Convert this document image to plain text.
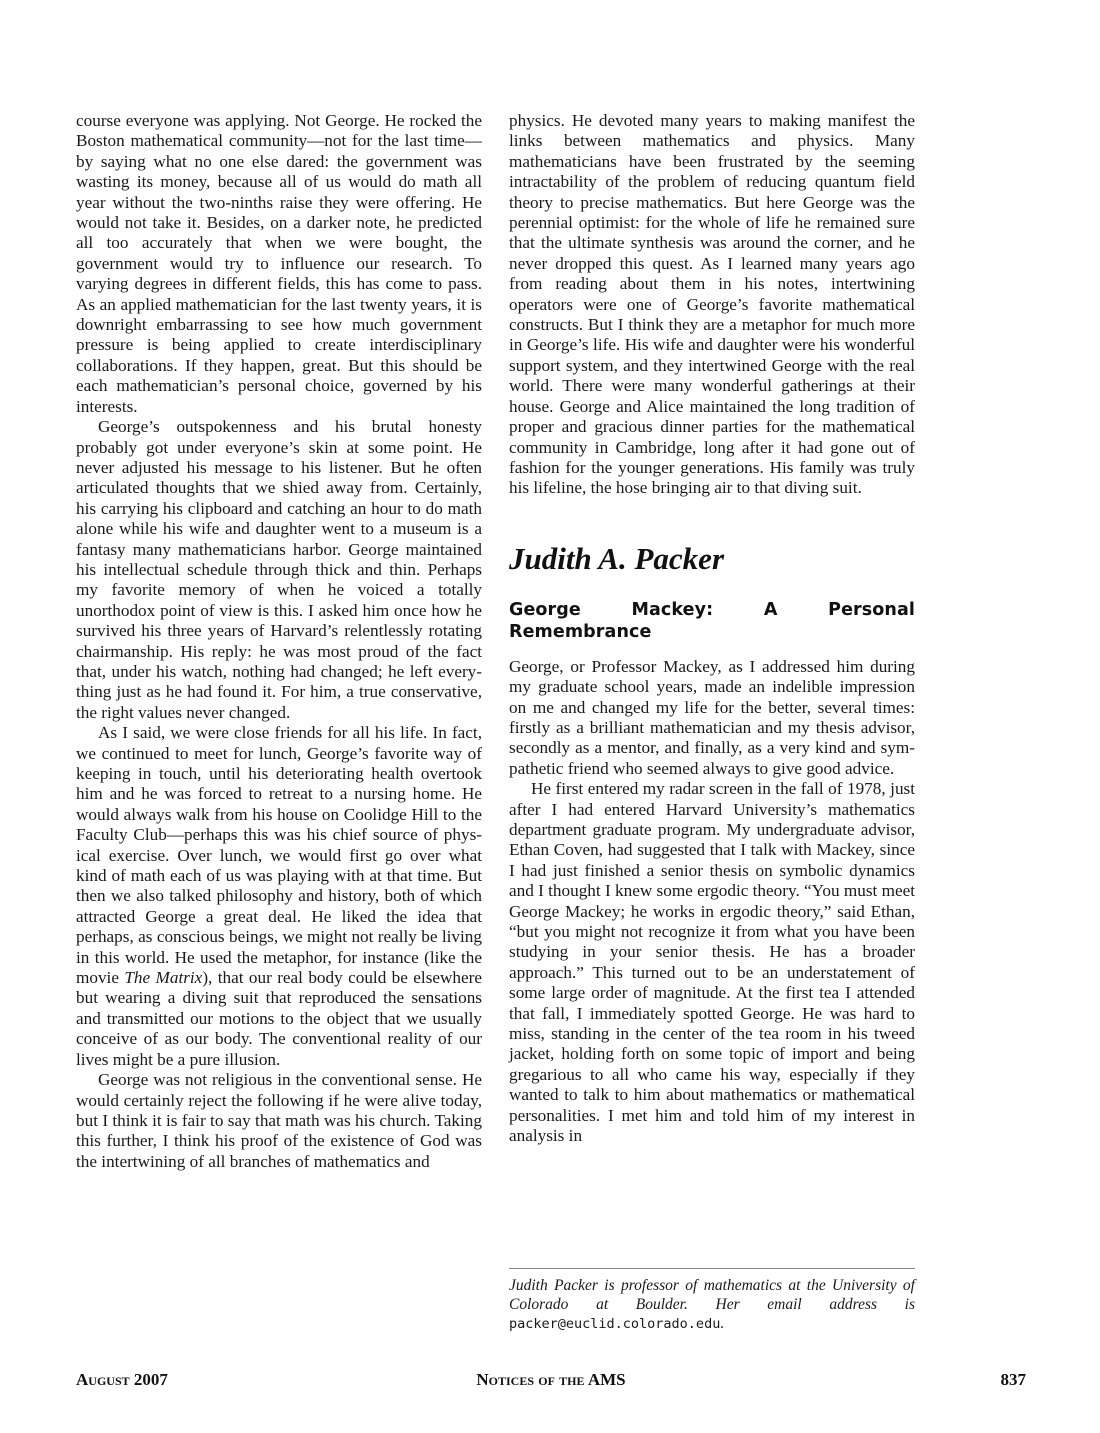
course everyone was applying. Not George. He rocked the Boston mathematical community—not for the last time—by saying what no one else dared: the government was wasting its money, because all of us would do math all year without the two-ninths raise they were offering. He would not take it. Besides, on a darker note, he predicted all too accurately that when we were bought, the government would try to influence our research. To varying degrees in different fields, this has come to pass. As an applied mathematician for the last twenty years, it is downright embarrassing to see how much government pressure is being applied to create interdisciplinary collaborations. If they happen, great. But this should be each mathematician’s personal choice, governed by his interests.

George’s outspokenness and his brutal honesty probably got under everyone’s skin at some point. He never adjusted his message to his listener. But he often articulated thoughts that we shied away from. Certainly, his carrying his clipboard and catching an hour to do math alone while his wife and daughter went to a museum is a fantasy many mathematicians harbor. George maintained his intellectual schedule through thick and thin. Perhaps my favorite memory of when he voiced a totally unorthodox point of view is this. I asked him once how he survived his three years of Harvard’s relentlessly rotating chairmanship. His reply: he was most proud of the fact that, under his watch, nothing had changed; he left everything just as he had found it. For him, a true conservative, the right values never changed.

As I said, we were close friends for all his life. In fact, we continued to meet for lunch, George’s favorite way of keeping in touch, until his deteriorating health overtook him and he was forced to retreat to a nursing home. He would always walk from his house on Coolidge Hill to the Faculty Club—perhaps this was his chief source of physical exercise. Over lunch, we would first go over what kind of math each of us was playing with at that time. But then we also talked philosophy and history, both of which attracted George a great deal. He liked the idea that perhaps, as conscious beings, we might not really be living in this world. He used the metaphor, for instance (like the movie The Matrix), that our real body could be elsewhere but wearing a diving suit that reproduced the sensations and transmitted our motions to the object that we usually conceive of as our body. The conventional reality of our lives might be a pure illusion.

George was not religious in the conventional sense. He would certainly reject the following if he were alive today, but I think it is fair to say that math was his church. Taking this further, I think his proof of the existence of God was the intertwining of all branches of mathematics and

physics. He devoted many years to making manifest the links between mathematics and physics. Many mathematicians have been frustrated by the seeming intractability of the problem of reducing quantum field theory to precise mathematics. But here George was the perennial optimist: for the whole of life he remained sure that the ultimate synthesis was around the corner, and he never dropped this quest. As I learned many years ago from reading about them in his notes, intertwining operators were one of George’s favorite mathematical constructs. But I think they are a metaphor for much more in George’s life. His wife and daughter were his wonderful support system, and they intertwined George with the real world. There were many wonderful gatherings at their house. George and Alice maintained the long tradition of proper and gracious dinner parties for the mathematical community in Cambridge, long after it had gone out of fashion for the younger generations. His family was truly his lifeline, the hose bringing air to that diving suit.

Judith A. Packer
George Mackey: A Personal Remembrance

George, or Professor Mackey, as I addressed him during my graduate school years, made an indelible impression on me and changed my life for the better, several times: firstly as a brilliant mathematician and my thesis advisor, secondly as a mentor, and finally, as a very kind and sympathetic friend who seemed always to give good advice.

He first entered my radar screen in the fall of 1978, just after I had entered Harvard University’s mathematics department graduate program. My undergraduate advisor, Ethan Coven, had suggested that I talk with Mackey, since I had just finished a senior thesis on symbolic dynamics and I thought I knew some ergodic theory. “You must meet George Mackey; he works in ergodic theory,” said Ethan, “but you might not recognize it from what you have been studying in your senior thesis. He has a broader approach.” This turned out to be an understatement of some large order of magnitude. At the first tea I attended that fall, I immediately spotted George. He was hard to miss, standing in the center of the tea room in his tweed jacket, holding forth on some topic of import and being gregarious to all who came his way, especially if they wanted to talk to him about mathematics or mathematical personalities. I met him and told him of my interest in analysis in

Judith Packer is professor of mathematics at the University of Colorado at Boulder. Her email address is packer@euclid.colorado.edu.
August 2007	Notices of the AMS	837
